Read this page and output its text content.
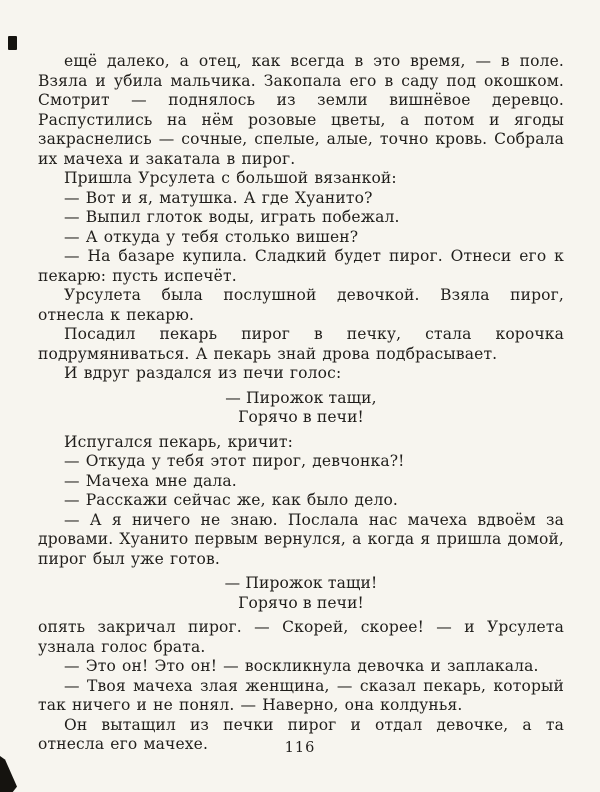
ещё далеко, а отец, как всегда в это время, — в поле. Взяла и убила мальчика. Закопала его в саду под окошком. Смотрит — поднялось из земли вишнёвое деревцо. Распустились на нём розовые цветы, а потом и ягоды закраснелись — сочные, спелые, алые, точно кровь. Собрала их мачеха и закатала в пирог.

Пришла Урсулета с большой вязанкой:

— Вот и я, матушка. А где Хуанито?

— Выпил глоток воды, играть побежал.

— А откуда у тебя столько вишен?

— На базаре купила. Сладкий будет пирог. Отнеси его к пекарю: пусть испечёт.

Урсулета была послушной девочкой. Взяла пирог, отнесла к пекарю.

Посадил пекарь пирог в печку, стала корочка подрумяниваться. А пекарь знай дрова подбрасывает.

И вдруг раздался из печи голос:

— Пирожок тащи,
Горячо в печи!

Испугался пекарь, кричит:

— Откуда у тебя этот пирог, девчонка?!

— Мачеха мне дала.

— Расскажи сейчас же, как было дело.

— А я ничего не знаю. Послала нас мачеха вдвоём за дровами. Хуанито первым вернулся, а когда я пришла домой, пирог был уже готов.

— Пирожок тащи!
Горячо в печи!

опять закричал пирог. — Скорей, скорее! — и Урсулета узнала голос брата.

— Это он! Это он! — воскликнула девочка и заплакала.

— Твоя мачеха злая женщина, — сказал пекарь, который так ничего и не понял. — Наверно, она колдунья.

Он вытащил из печки пирог и отдал девочке, а та отнесла его мачехе.	116
